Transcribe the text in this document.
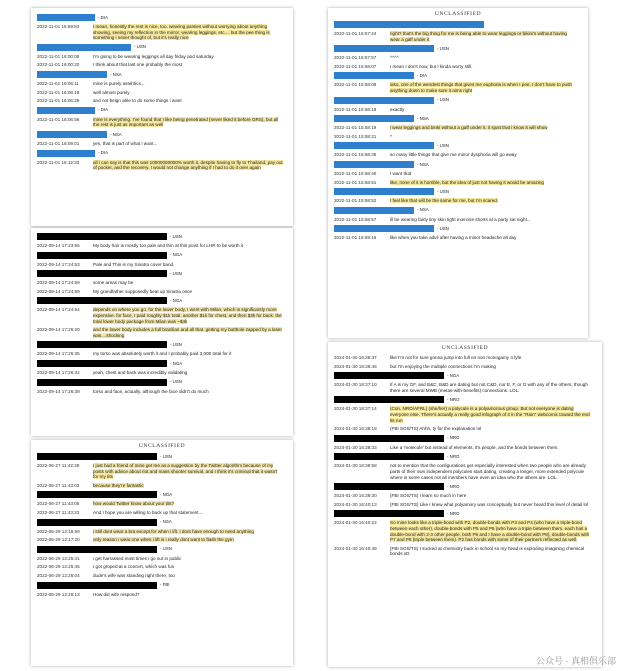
- DIA
2022-11-01 15:59:53	I mean, honestly the rest is nice, too, wearing panties without worrying about anything showing, seeing my reflection in the mirror, wearing leggings, etc.... but the pee thing is something i never thought of, but it's really nice
- USN
2022-11-01 16:00:08	I'm going to be wearing leggings all day friday and saturday
2022-11-01 16:00:20	I think about that last one probably the most
- NSA
2022-11-01 16:06:11	mine is purely astehtics...
2022-11-01 16:06:18	well almost purely
2022-11-01 16:06:29	and not beign able to do some things i want
- DIA
2022-11-01 16:06:56	mine is everything. I've found that I like being penetrated (never liked it before GRS), but all the rest is just as important as well
- NSA
2022-11-01 16:09:01	yes, that is part of what i want...
- DIA
2022-11-01 16:12:33	all i can say is that this was 10000000000% worth it, despite having to fly to Thailand, pay out of pocket, and the recovery. I would not change anything if I had to do it over again
- USN
2022-09-14 17:23:55	My body hair is mostly too pale and thin at this point for LHR to be worth it
- NGA
2022-09-14 17:24:53	Pale and Thin is my Sinatra cover band.
- USN
2022-09-14 17:24:59	some areas may be
2022-09-14 17:24:59	My grandfather supposedly beat up Sinatra once
- NGA
2022-09-14 17:24:54	depends on where you go. for the lower body, I went with Milan, which is significantly more expensive. for face, I paid roughly $1k total. another $1k for chest, and then $3k for back. the total lower body package from Milan was ~$4k
2022-09-14 17:25:20	and the lower body includes a full brazilian and all that. getting my butthole zapped by a laser was....shocking
- USN
2022-09-14 17:25:35	my torso was absolutely worth it and I probably paid 3,000 total for it
- NGA
2022-09-14 17:26:32	yeah, chest and back was incredibly validating
- USN
2022-09-14 17:26:39	torso and face, actually. although the face didn't do much
UNCLASSIFIED
- USN
2022-06-27 11:42:28	I just had a friend of mine get me as a suggestion by the Twitter algorithm because of my posts with advice about riot and mass shooter survival, and I think it's criminal that it wasn't for my tits
2022-06-27 11:43:03	because they're fantastic
- NGA
2022-06-27 11:43:05	how would Twitter know about your tits?
2022-06-27 11:43:23	And I hope you are willing to back up that statement....
- NSA
2022-06-29 12:16:59	i still dont wear a bra except for when i lift. i dont have enough to need anything
2022-06-29 12:17:20	only reason i wear one when i lift is i really dont want to flash the gym
- USN
2022-06-29 12:25:41	i get harrassed most times i go out in public
2022-06-29 12:25:45	I got groped at a concert, which was fun
2022-06-29 12:26:04	dude's wife was standing right there, too
- FBI
2022-06-29 12:26:13	How did wife respond?
UNCLASSIFIED
2022-11-01 15:57:44	right? that's the big thing for me is being able to wear leggings or bikini's without having wear a gaff under it
- USN
2022-11-01 15:57:57	^^^^
2022-11-01 15:58:07	I mean I don't now, but I kinda worry still.
- DIA
2022-11-01 15:58:08	also, one of the weirdest things that gives me euphoria is when I pee, I don't have to push anything down to make sure it aims right
- USN
2022-11-01 15:58:18	exactly
- NSA
2022-11-01 15:58:19	i wear leggings and binki without a gaff under it. it sjust that i know it will show
2022-11-01 15:58:21	^
- USN
2022-11-01 15:58:35	so many little things that give me minor dysphoria will go away
- NSA
2022-11-01 15:58:40	I want that
2022-11-01 15:58:51	like, none of it is horrible, but the idea of just not having it would be amazing
- USN
2022-11-01 15:58:52	I feel like that will be the same for me, but I'm scared.
- NSA
2022-11-01 15:58:57	ill be wearing fairly tiny skin tight exercise shorts at a party sat night...
- USN
2022-11-01 15:59:16	like when you take advil after having a minor headache all day
UNCLASSIFIED
2024-01-30 16:36:37	like I'm not for sure gonna jump into full on non monogamy 4 lyfe
2024-01-30 16:36:46	but I'm enjoying the multiple connections I'm making
- NGA
2024-01-30 16:37:10	If A is my GF, and B&C, B&D are dating but not C&D, nor E, F, or G with any of the others, though there are several MWB (metas-with-benefits) connections. LOL.
- NRO
2024-01-30 16:37:14	(Con, NRO/AFRL) (she/her) a polycule is a polyamorous group. But not everyone is dating everyone else. There's actually a really good infograph of it in the "Rain" webcomic toward the end its run
2024-01-30 16:38:18	(FBI SOS/TS) Ahhh, ty for the explanation lol
- NRO
2024-01-30 16:38:33	Like a 'molecule' but instead of elements, it's people, and the bonds between them.
- NRO
2024-01-30 16:38:58	not to mention that the configurations get especially interested when two people who are already parts of their own independent polycules start dating, creating a longer, more extended polycule where in some cases not all members have even an idea who the others are. LOL.
- NRO
2024-01-30 16:39:30	(FBI SOS/TS) I learn so much in here
2024-01-30 16:40:13	(FBI SOS/TS) Like I knew what polyamory was conceptually but never heard this level of detail lol
- NRO
2024-01-30 16:40:22	So mine looks like a triple-bond with P2, double-bonds with P3 and P4 (who have a triple-bond between each other), double-bonds with P5 and P6 (who have a triple between them. each has a double-bond with 2-3 other people, both P5 and I have a double-bond with P8), double-bonds with P7 and P8 (triple between them). P2 has bonds with some of their partners reflected as well.
2024-01-30 16:40:49	(FBI SOS/TS) I sucked at chemistry back in school so my head is exploding imagining chemical bonds xD
公众号 · 真相俱乐部
